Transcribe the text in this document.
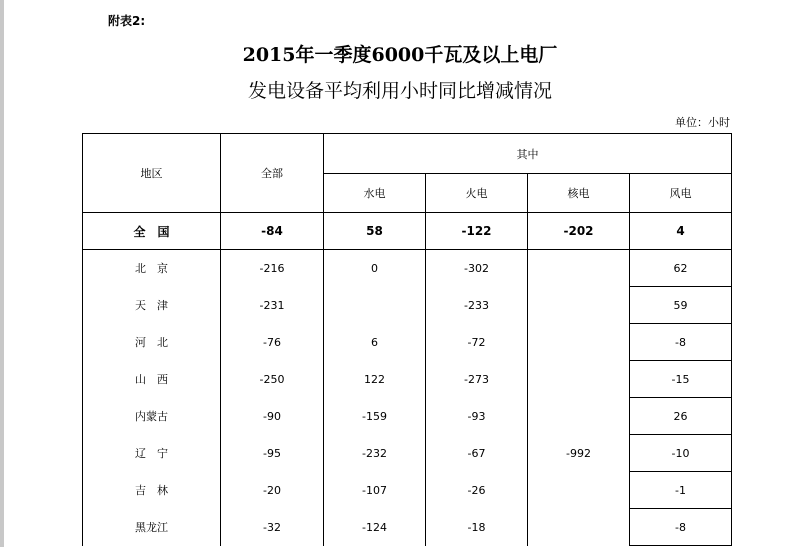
附表2:
2015年一季度6000千瓦及以上电厂
发电设备平均利用小时同比增减情况
单位：小时
地区	全部	其中			
		水电	火电	核电	风电
全　国	-84	58	-122	-202	4
北　京	-216	0	-302		62
天　津	-231		-233		59
河　北	-76	6	-72		-8
山　西	-250	122	-273		-15
内蒙古	-90	-159	-93		26
辽　宁	-95	-232	-67	-992	-10
吉　林	-20	-107	-26		-1
黑龙江	-32	-124	-18		-8
